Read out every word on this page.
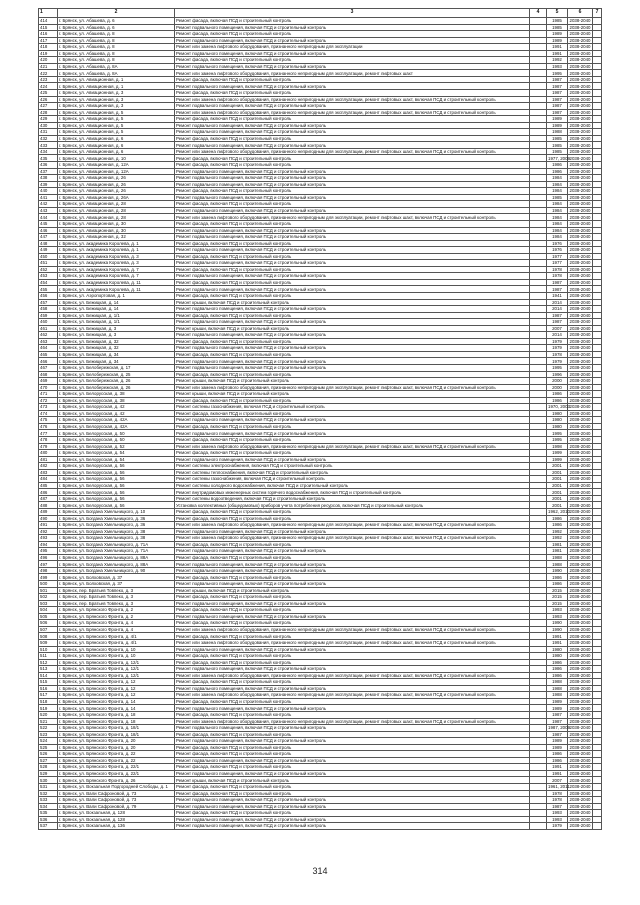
1	2	3	4	5	6	7
414	г. Брянск, ул. Абашева, д. 6	Ремонт фасада, включая ПСД и строительный контроль		1985	2038-2040	
415	г. Брянск, ул. Абашева, д. 6	Ремонт подвального помещения, включая ПСД и строительный контроль		1985	2038-2040	
416	г. Брянск, ул. Абашева, д. 8	Ремонт фасада, включая ПСД и строительный контроль		1989	2038-2040	
417	г. Брянск, ул. Абашева, д. 8	Ремонт подвального помещения, включая ПСД и строительный контроль		1989	2038-2040	
418	г. Брянск, ул. Абашева, д. 8	Ремонт или замена лифтового оборудования, признанного непригодным для эксплуатации		1991	2038-2040	
419	г. Брянск, ул. Абашева, д. 8	Ремонт подвального помещения, включая ПСД и строительный контроль		1991	2038-2040	
420	г. Брянск, ул. Абашева, д. 8	Ремонт фасада, включая ПСД и строительный контроль		1992	2038-2040	
421	г. Брянск, ул. Абашева, д. 8А	Ремонт подвального помещения, включая ПСД и строительный контроль		1993	2038-2040	
422	г. Брянск, ул. Абашева, д. 8А	Ремонт или замена лифтового оборудования, признанного непригодным для эксплуатации, ремонт лифтовых шахт		1995	2038-2040	
423	г. Брянск, ул. Авиационная, д. 1	Ремонт фасада, включая ПСД и строительный контроль		1987	2038-2040	
424	г. Брянск, ул. Авиационная, д. 1	Ремонт подвального помещения, включая ПСД и строительный контроль		1987	2038-2040	
425	г. Брянск, ул. Авиационная, д. 3	Ремонт фасада, включая ПСД и строительный контроль		1987	2038-2040	
426	г. Брянск, ул. Авиационная, д. 3	Ремонт или замена лифтового оборудования, признанного непригодным для эксплуатации, ремонт лифтовых шахт, включая ПСД и строительный контроль		1987	2038-2040	
427	г. Брянск, ул. Авиационная, д. 3	Ремонт подвального помещения, включая ПСД и строительный контроль		1987	2038-2040	
428	г. Брянск, ул. Авиационная, д. 5	Ремонт или замена лифтового оборудования, признанного непригодным для эксплуатации, ремонт лифтовых шахт, включая ПСД и строительный контроль		1987	2038-2040	
429	г. Брянск, ул. Авиационная, д. 5	Ремонт фасада, включая ПСД и строительный контроль		1989	2038-2040	
430	г. Брянск, ул. Авиационная, д. 5	Ремонт подвального помещения, включая ПСД и строительный контроль		1989	2038-2040	
431	г. Брянск, ул. Авиационная, д. 5	Ремонт подвального помещения, включая ПСД и строительный контроль		1988	2038-2040	
432	г. Брянск, ул. Авиационная, д. 6	Ремонт фасада, включая ПСД и строительный контроль		1985	2038-2040	
433	г. Брянск, ул. Авиационная, д. 6	Ремонт подвального помещения, включая ПСД и строительный контроль		1985	2038-2040	
434	г. Брянск, ул. Авиационная, д. 6	Ремонт или замена лифтового оборудования, признанного непригодным для эксплуатации, ремонт лифтовых шахт, включая ПСД и строительный контроль		1985	2038-2040	
435	г. Брянск, ул. Авиационная, д. 10	Ремонт фасада, включая ПСД и строительный контроль		1977, 2009	2038-2040	
436	г. Брянск, ул. Авиационная, д. 12А	Ремонт фасада, включая ПСД и строительный контроль		1986	2038-2040	
437	г. Брянск, ул. Авиационная, д. 12А	Ремонт подвального помещения, включая ПСД и строительный контроль		1986	2038-2040	
438	г. Брянск, ул. Авиационная, д. 26	Ремонт подвального помещения, включая ПСД и строительный контроль		1984	2038-2040	
439	г. Брянск, ул. Авиационная, д. 26	Ремонт подвального помещения, включая ПСД и строительный контроль		1984	2038-2040	
440	г. Брянск, ул. Авиационная, д. 26	Ремонт фасада, включая ПСД и строительный контроль		1984	2038-2040	
441	г. Брянск, ул. Авиационная, д. 26А	Ремонт подвального помещения, включая ПСД и строительный контроль		1985	2038-2040	
442	г. Брянск, ул. Авиационная, д. 28	Ремонт фасада, включая ПСД и строительный контроль		1984	2038-2040	
443	г. Брянск, ул. Авиационная, д. 28	Ремонт подвального помещения, включая ПСД и строительный контроль		1984	2038-2040	
444	г. Брянск, ул. Авиационная, д. 28	Ремонт или замена лифтового оборудования, признанного непригодным для эксплуатации, ремонт лифтовых шахт, включая ПСД и строительный контроль		1984	2038-2040	
445	г. Брянск, ул. Авиационная, д. 30	Ремонт фасада, включая ПСД и строительный контроль		1984	2038-2040	
446	г. Брянск, ул. Авиационная, д. 30	Ремонт подвального помещения, включая ПСД и строительный контроль		1984	2038-2040	
447	г. Брянск, ул. Авиационная, д. 32	Ремонт подвального помещения, включая ПСД и строительный контроль		1984	2038-2040	
448	г. Брянск, ул. академика Королева, д. 1	Ремонт фасада, включая ПСД и строительный контроль		1976	2038-2040	
449	г. Брянск, ул. академика Королева, д. 1	Ремонт подвального помещения, включая ПСД и строительный контроль		1976	2038-2040	
450	г. Брянск, ул. академика Королева, д. 3	Ремонт фасада, включая ПСД и строительный контроль		1977	2038-2040	
451	г. Брянск, ул. академика Королева, д. 3	Ремонт подвального помещения, включая ПСД и строительный контроль		1977	2038-2040	
452	г. Брянск, ул. академика Королева, д. 7	Ремонт фасада, включая ПСД и строительный контроль		1978	2038-2040	
453	г. Брянск, ул. академика Королева, д. 7	Ремонт подвального помещения, включая ПСД и строительный контроль		1978	2038-2040	
454	г. Брянск, ул. академика Королева, д. 11	Ремонт фасада, включая ПСД и строительный контроль		1987	2038-2040	
455	г. Брянск, ул. академика Королева, д. 11	Ремонт подвального помещения, включая ПСД и строительный контроль		1987	2038-2040	
456	г. Брянск, ул. Аэропортовая, д. 1	Ремонт фасада, включая ПСД и строительный контроль		1941	2038-2040	
457	г. Брянск, ул. Бежицкая, д. 14	Ремонт крыши, включая ПСД и строительный контроль		2014	2038-2040	
458	г. Брянск, ул. Бежицкая, д. 14	Ремонт подвального помещения, включая ПСД и строительный контроль		2014	2038-2040	
459	г. Брянск, ул. Бежицкая, д. 1/1	Ремонт фасада, включая ПСД и строительный контроль		1987	2038-2040	
460	г. Брянск, ул. Бежицкая, д. 1/1	Ремонт подвального помещения, включая ПСД и строительный контроль		1987	2038-2040	
461	г. Брянск, ул. Бежицкая, д. 3	Ремонт крыши, включая ПСД и строительный контроль		2007	2038-2040	
462	г. Брянск, ул. Бежицкая, д. 3	Ремонт подвального помещения, включая ПСД и строительный контроль		2014	2038-2040	
463	г. Брянск, ул. Бежицкая, д. 32	Ремонт фасада, включая ПСД и строительный контроль		1979	2038-2040	
464	г. Брянск, ул. Бежицкая, д. 32	Ремонт подвального помещения, включая ПСД и строительный контроль		1979	2038-2040	
465	г. Брянск, ул. Бежицкая, д. 34	Ремонт фасада, включая ПСД и строительный контроль		1978	2038-2040	
466	г. Брянск, ул. Бежицкая, д. 34	Ремонт подвального помещения, включая ПСД и строительный контроль		1979	2038-2040	
467	г. Брянск, ул. Белобережская, д. 17	Ремонт подвального помещения, включая ПСД и строительный контроль		1995	2038-2040	
468	г. Брянск, ул. Белобережская, д. 25	Ремонт фасада, включая ПСД и строительный контроль		1996	2038-2040	
469	г. Брянск, ул. Белобережская, д. 26	Ремонт крыши, включая ПСД и строительный контроль		2000	2038-2040	
470	г. Брянск, ул. Белобережская, д. 26	Ремонт или замена лифтового оборудования, признанного непригодным для эксплуатации, ремонт лифтовых шахт, включая ПСД и строительный контроль		2000	2038-2040	
471	г. Брянск, ул. Белорусская, д. 38	Ремонт крыши, включая ПСД и строительный контроль		1986	2038-2040	
472	г. Брянск, ул. Белорусская, д. 38	Ремонт фасада, включая ПСД и строительный контроль		1986	2038-2040	
473	г. Брянск, ул. Белорусская, д. 42	Ремонт системы газоснабжения, включая ПСД и строительный контроль		1970, 2003	2038-2040	
474	г. Брянск, ул. Белорусская, д. 42	Ремонт фасада, включая ПСД и строительный контроль		1980	2038-2040	
475	г. Брянск, ул. Белорусская, д. 42А	Ремонт подвального помещения, включая ПСД и строительный контроль		1980	2038-2040	
476	г. Брянск, ул. Белорусская, д. 42А	Ремонт фасада, включая ПСД и строительный контроль		1980	2038-2040	
477	г. Брянск, ул. Белорусская, д. 50	Ремонт подвального помещения, включая ПСД и строительный контроль		1995	2038-2040	
478	г. Брянск, ул. Белорусская, д. 50	Ремонт фасада, включая ПСД и строительный контроль		1995	2038-2040	
479	г. Брянск, ул. Белорусская, д. 52	Ремонт или замена лифтового оборудования, признанного непригодным для эксплуатации, ремонт лифтовых шахт, включая ПСД и строительный контроль		1998	2038-2040	
480	г. Брянск, ул. Белорусская, д. 54	Ремонт фасада, включая ПСД и строительный контроль		1999	2038-2040	
481	г. Брянск, ул. Белорусская, д. 54	Ремонт подвального помещения, включая ПСД и строительный контроль		1999	2038-2040	
482	г. Брянск, ул. Белорусская, д. 56	Ремонт системы электроснабжения, включая ПСД и строительный контроль		2001	2038-2040	
483	г. Брянск, ул. Белорусская, д. 56	Ремонт системы теплоснабжения, включая ПСД и строительный контроль		2001	2038-2040	
484	г. Брянск, ул. Белорусская, д. 56	Ремонт системы газоснабжения, включая ПСД и строительный контроль		2001	2038-2040	
485	г. Брянск, ул. Белорусская, д. 56	Ремонт системы холодного водоснабжения, включая ПСД и строительный контроль		2001	2038-2040	
486	г. Брянск, ул. Белорусская, д. 56	Ремонт внутридомовых инженерных систем горячего водоснабжения, включая ПСД и строительный контроль		2001	2038-2040	
487	г. Брянск, ул. Белорусская, д. 56	Ремонт системы водоотведения, включая ПСД и строительный контроль		2001	2038-2040	
488	г. Брянск, ул. Белорусская, д. 56	Установка коллективных (общедомовых) приборов учета потребления ресурсов, включая ПСД и строительный контроль		2001	2038-2040	
489	г. Брянск, ул. Богдана Хмельницкого, д. 10	Ремонт фасада, включая ПСД и строительный контроль		1962, 2010	2038-2040	
490	г. Брянск, ул. Богдана Хмельницкого, д. 36	Ремонт фасада, включая ПСД и строительный контроль		1986	2038-2040	
491	г. Брянск, ул. Богдана Хмельницкого, д. 36	Ремонт или замена лифтового оборудования, признанного непригодным для эксплуатации, ремонт лифтовых шахт, включая ПСД и строительный контроль		1986	2038-2040	
492	г. Брянск, ул. Богдана Хмельницкого, д. 38	Ремонт подвального помещения, включая ПСД и строительный контроль		1992	2038-2040	
493	г. Брянск, ул. Богдана Хмельницкого, д. 38	Ремонт или замена лифтового оборудования, признанного непригодным для эксплуатации, ремонт лифтовых шахт, включая ПСД и строительный контроль		1992	2038-2040	
494	г. Брянск, ул. Богдана Хмельницкого, д. 71А	Ремонт фасада, включая ПСД и строительный контроль		1981	2038-2040	
495	г. Брянск, ул. Богдана Хмельницкого, д. 71А	Ремонт подвального помещения, включая ПСД и строительный контроль		1981	2038-2040	
496	г. Брянск, ул. Богдана Хмельницкого, д. 88А	Ремонт фасада, включая ПСД и строительный контроль		1988	2038-2040	
497	г. Брянск, ул. Богдана Хмельницкого, д. 88А	Ремонт подвального помещения, включая ПСД и строительный контроль		1988	2038-2040	
498	г. Брянск, ул. Богдана Хмельницкого, д. 90	Ремонт подвального помещения, включая ПСД и строительный контроль		1990	2038-2040	
499	г. Брянск, ул. Болховская, д. 37	Ремонт фасада, включая ПСД и строительный контроль		1986	2038-2040	
500	г. Брянск, ул. Болховская, д. 37	Ремонт подвального помещения, включая ПСД и строительный контроль		1986	2038-2040	
501	г. Брянск, пер. Братьев Товпеко, д. 3	Ремонт крыши, включая ПСД и строительный контроль		2015	2038-2040	
502	г. Брянск, пер. Братьев Товпеко, д. 3	Ремонт фасада, включая ПСД и строительный контроль		2015	2038-2040	
503	г. Брянск, пер. Братьев Товпеко, д. 3	Ремонт подвального помещения, включая ПСД и строительный контроль		2015	2038-2040	
504	г. Брянск, ул. Брянского Фронта, д. 2	Ремонт фасада, включая ПСД и строительный контроль		1993	2038-2040	
505	г. Брянск, ул. Брянского Фронта, д. 2	Ремонт подвального помещения, включая ПСД и строительный контроль		1993	2038-2040	
506	г. Брянск, ул. Брянского Фронта, д. 4	Ремонт фасада, включая ПСД и строительный контроль		1990	2038-2040	
507	г. Брянск, ул. Брянского Фронта, д. 4	Ремонт или замена лифтового оборудования, признанного непригодным для эксплуатации, ремонт лифтовых шахт, включая ПСД и строительный контроль		1990	2038-2040	
508	г. Брянск, ул. Брянского Фронта, д. 4/1	Ремонт фасада, включая ПСД и строительный контроль		1991	2038-2040	
509	г. Брянск, ул. Брянского Фронта, д. 4/1	Ремонт или замена лифтового оборудования, признанного непригодным для эксплуатации, ремонт лифтовых шахт, включая ПСД и строительный контроль		1991	2038-2040	
510	г. Брянск, ул. Брянского Фронта, д. 10	Ремонт подвального помещения, включая ПСД и строительный контроль		1980	2038-2040	
511	г. Брянск, ул. Брянского Фронта, д. 10	Ремонт фасада, включая ПСД и строительный контроль		1980	2038-2040	
512	г. Брянск, ул. Брянского Фронта, д. 12/1	Ремонт фасада, включая ПСД и строительный контроль		1986	2038-2040	
513	г. Брянск, ул. Брянского Фронта, д. 12/1	Ремонт подвального помещения, включая ПСД и строительный контроль		1986	2038-2040	
514	г. Брянск, ул. Брянского Фронта, д. 12/1	Ремонт или замена лифтового оборудования, признанного непригодным для эксплуатации, ремонт лифтовых шахт, включая ПСД и строительный контроль		1986	2038-2040	
515	г. Брянск, ул. Брянского Фронта, д. 12	Ремонт фасада, включая ПСД и строительный контроль		1988	2038-2040	
516	г. Брянск, ул. Брянского Фронта, д. 12	Ремонт подвального помещения, включая ПСД и строительный контроль		1988	2038-2040	
517	г. Брянск, ул. Брянского Фронта, д. 12	Ремонт или замена лифтового оборудования, признанного непригодным для эксплуатации, ремонт лифтовых шахт, включая ПСД и строительный контроль		1988	2038-2040	
518	г. Брянск, ул. Брянского Фронта, д. 14	Ремонт фасада, включая ПСД и строительный контроль		1989	2038-2040	
519	г. Брянск, ул. Брянского Фронта, д. 14	Ремонт подвального помещения, включая ПСД и строительный контроль		1989	2038-2040	
520	г. Брянск, ул. Брянского Фронта, д. 18	Ремонт фасада, включая ПСД и строительный контроль		1987	2038-2040	
521	г. Брянск, ул. Брянского Фронта, д. 18	Ремонт или замена лифтового оборудования, признанного непригодным для эксплуатации, ремонт лифтовых шахт, включая ПСД и строительный контроль		1987	2038-2040	
522	г. Брянск, ул. Брянского Фронта, д. 18/1	Ремонт подвального помещения, включая ПСД и строительный контроль		1987, 2009	2038-2040	
523	г. Брянск, ул. Брянского Фронта, д. 18/1	Ремонт фасада, включая ПСД и строительный контроль		1987	2038-2040	
524	г. Брянск, ул. Брянского Фронта, д. 20	Ремонт подвального помещения, включая ПСД и строительный контроль		1989	2038-2040	
525	г. Брянск, ул. Брянского Фронта, д. 20	Ремонт фасада, включая ПСД и строительный контроль		1989	2038-2040	
526	г. Брянск, ул. Брянского Фронта, д. 22	Ремонт фасада, включая ПСД и строительный контроль		1986	2038-2040	
527	г. Брянск, ул. Брянского Фронта, д. 22	Ремонт подвального помещения, включая ПСД и строительный контроль		1986	2038-2040	
528	г. Брянск, ул. Брянского Фронта, д. 22/1	Ремонт фасада, включая ПСД и строительный контроль		1991	2038-2040	
529	г. Брянск, ул. Брянского Фронта, д. 22/1	Ремонт подвального помещения, включая ПСД и строительный контроль		1991	2038-2040	
530	г. Брянск, ул. Брянского Фронта, д. 26	Ремонт крыши, включая ПСД и строительный контроль		2007	2038-2040	
531	г. Брянск, ул. Вокзальная Подгородней Слободы, д. 1	Ремонт фасада, включая ПСД и строительный контроль		1961, 2011	2038-2040	
532	г. Брянск, ул. Вали Сафроновой, д. 73	Ремонт фасада, включая ПСД и строительный контроль		1978	2038-2040	
533	г. Брянск, ул. Вали Сафроновой, д. 73	Ремонт подвального помещения, включая ПСД и строительный контроль		1978	2038-2040	
534	г. Брянск, ул. Вали Сафроновой, д. 79	Ремонт подвального помещения, включая ПСД и строительный контроль		1987	2038-2040	
535	г. Брянск, ул. Вокзальная, д. 128	Ремонт фасада, включая ПСД и строительный контроль		1993	2038-2040	
536	г. Брянск, ул. Вокзальная, д. 128	Ремонт подвального помещения, включая ПСД и строительный контроль		1993	2038-2040	
537	г. Брянск, ул. Вокзальная, д. 136	Ремонт подвального помещения, включая ПСД и строительный контроль		1979	2038-2040	
314
